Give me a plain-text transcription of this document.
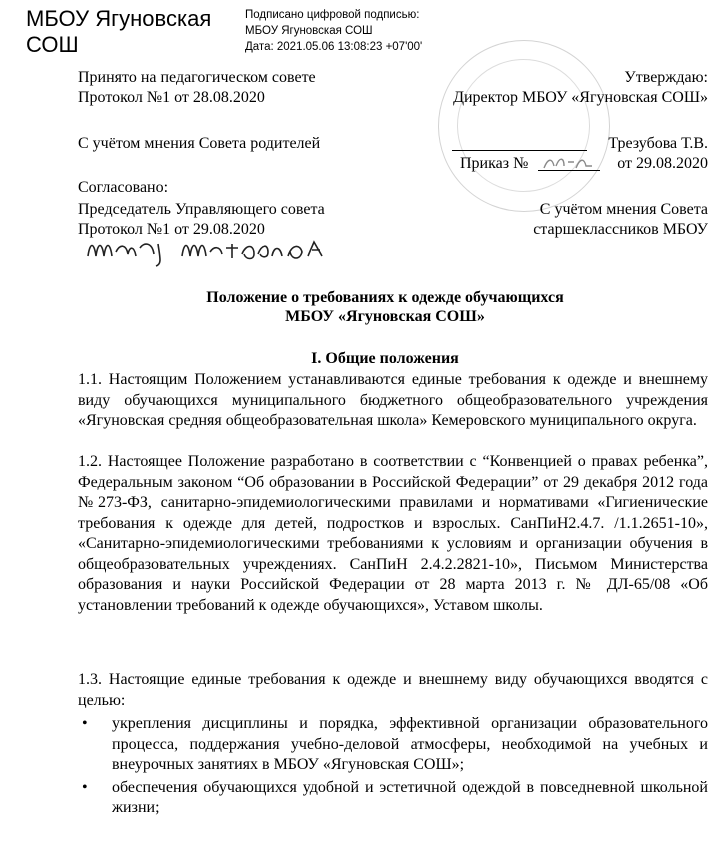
МБОУ Ягуновская СОШ
Подписано цифровой подписью:
МБОУ Ягуновская СОШ
Дата: 2021.05.06 13:08:23 +07'00'
Принято на педагогическом совете
Протокол №1 от 28.08.2020
С учётом мнения Совета родителей
Согласовано:
Председатель Управляющего совета
Протокол №1 от 29.08.2020
Утверждаю:
Директор МБОУ «Ягуновская СОШ»
Трезубова Т.В.
Приказ №	от 29.08.2020
С учётом мнения Совета
старшеклассников МБОУ
Положение о требованиях к одежде обучающихся
МБОУ «Ягуновская СОШ»
I. Общие положения
1.1. Настоящим Положением устанавливаются единые требования к одежде и внешнему виду обучающихся муниципального бюджетного общеобразовательного учреждения «Ягуновская средняя общеобразовательная школа» Кемеровского муниципального округа.
1.2. Настоящее Положение разработано в соответствии с “Конвенцией о правах ребенка”, Федеральным законом “Об образовании в Российской Федерации” от 29 декабря 2012 года №273-ФЗ, санитарно-эпидемиологическими правилами и нормативами «Гигиенические требования к одежде для детей, подростков и взрослых. СанПиН2.4.7. /1.1.2651-10», «Санитарно-эпидемиологическими требованиями к условиям и организации обучения в общеобразовательных учреждениях. СанПиН 2.4.2.2821-10», Письмом Министерства образования и науки Российской Федерации от 28 марта 2013 г. № ДЛ-65/08 «Об установлении требований к одежде обучающихся», Уставом школы.
1.3. Настоящие единые требования к одежде и внешнему виду обучающихся вводятся с целью:
• укрепления дисциплины и порядка, эффективной организации образовательного процесса, поддержания учебно-деловой атмосферы, необходимой на учебных и внеурочных занятиях в МБОУ «Ягуновская СОШ»;
• обеспечения обучающихся удобной и эстетичной одеждой в повседневной школьной жизни;
